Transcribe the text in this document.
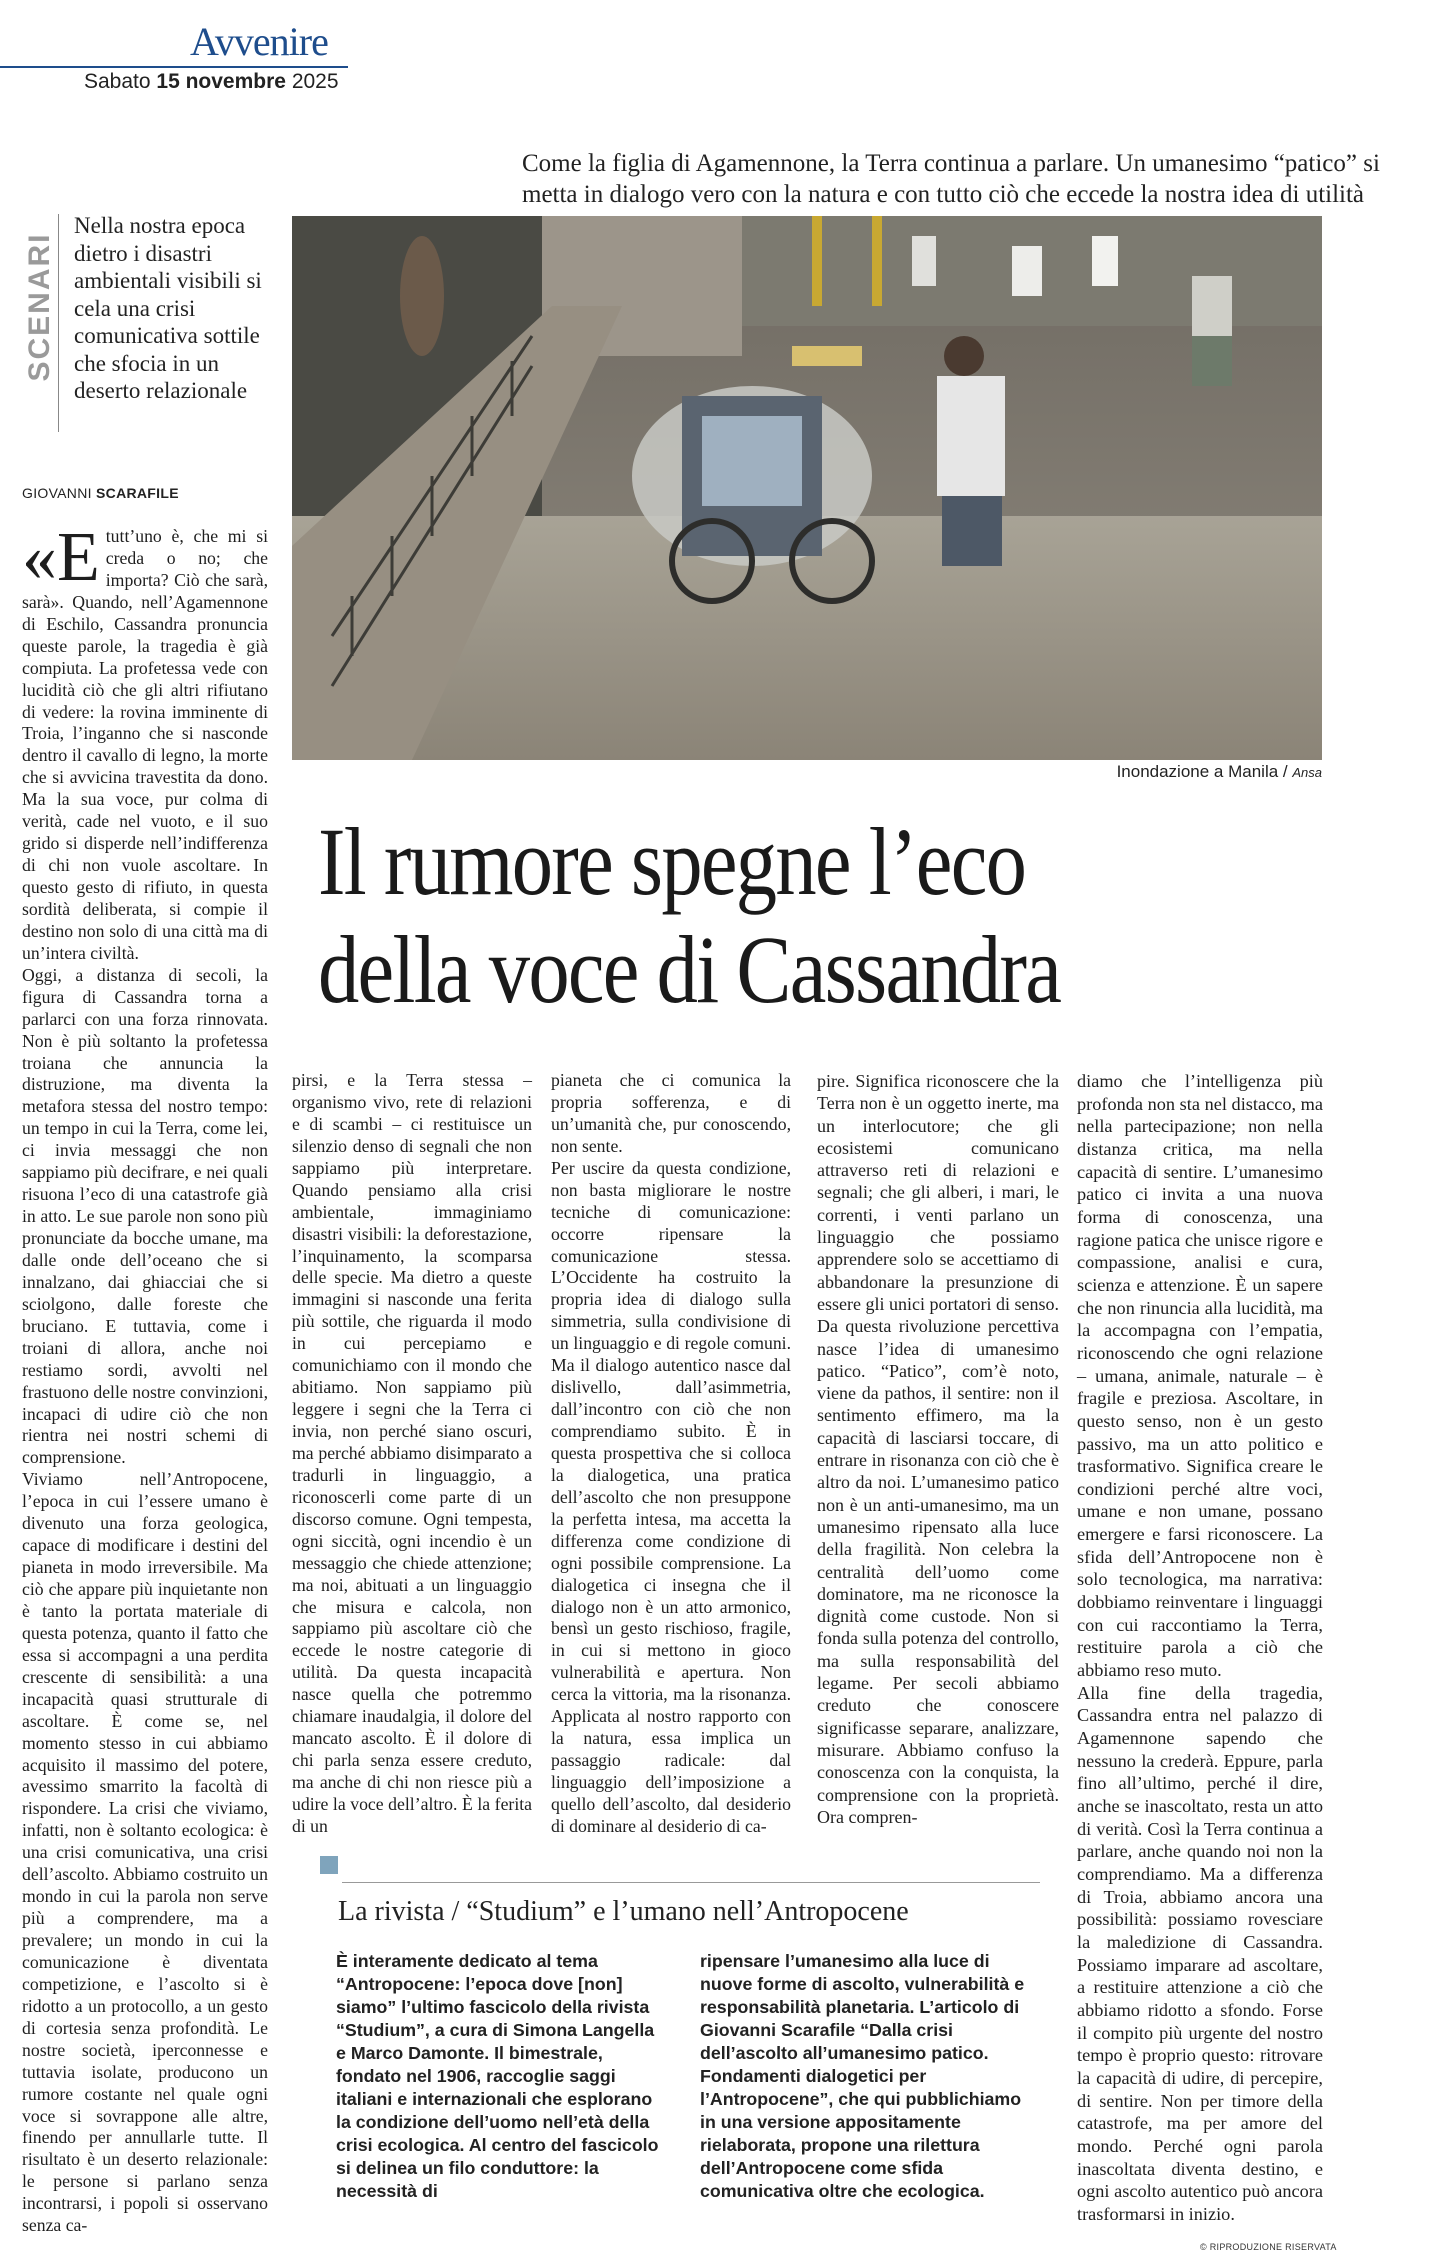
Avvenire
Sabato 15 novembre 2025
Come la figlia di Agamennone, la Terra continua a parlare. Un umanesimo “patico” si metta in dialogo vero con la natura e con tutto ciò che eccede la nostra idea di utilità
SCENARI
Nella nostra epoca dietro i disastri ambientali visibili si cela una crisi comunicativa sottile che sfocia in un deserto relazionale
Inondazione a Manila / Ansa
GIOVANNI SCARAFILE
Il rumore spegne l’eco
della voce di Cassandra

«Etutt’uno è, che mi si creda o no; che importa? Ciò che sarà, sarà». Quando, nell’Agamennone di Eschilo, Cassandra pronuncia queste parole, la tragedia è già compiuta. La profetessa vede con lucidità ciò che gli altri rifiutano di vedere: la rovina imminente di Troia, l’inganno che si nasconde dentro il cavallo di legno, la morte che si avvicina travestita da dono. Ma la sua voce, pur colma di verità, cade nel vuoto, e il suo grido si disperde nell’indifferenza di chi non vuole ascoltare. In questo gesto di rifiuto, in questa sordità deliberata, si compie il destino non solo di una città ma di un’intera civiltà.

Oggi, a distanza di secoli, la figura di Cassandra torna a parlarci con una forza rinnovata. Non è più soltanto la profetessa troiana che annuncia la distruzione, ma diventa la metafora stessa del nostro tempo: un tempo in cui la Terra, come lei, ci invia messaggi che non sappiamo più decifrare, e nei quali risuona l’eco di una catastrofe già in atto. Le sue parole non sono più pronunciate da bocche umane, ma dalle onde dell’oceano che si innalzano, dai ghiacciai che si sciolgono, dalle foreste che bruciano. E tuttavia, come i troiani di allora, anche noi restiamo sordi, avvolti nel frastuono delle nostre convinzioni, incapaci di udire ciò che non rientra nei nostri schemi di comprensione.

Viviamo nell’Antropocene, l’epoca in cui l’essere umano è divenuto una forza geologica, capace di modificare i destini del pianeta in modo irreversibile. Ma ciò che appare più inquietante non è tanto la portata materiale di questa potenza, quanto il fatto che essa si accompagni a una perdita crescente di sensibilità: a una incapacità quasi strutturale di ascoltare. È come se, nel momento stesso in cui abbiamo acquisito il massimo del potere, avessimo smarrito la facoltà di rispondere. La crisi che viviamo, infatti, non è soltanto ecologica: è una crisi comunicativa, una crisi dell’ascolto. Abbiamo costruito un mondo in cui la parola non serve più a comprendere, ma a prevalere; un mondo in cui la comunicazione è diventata competizione, e l’ascolto si è ridotto a un protocollo, a un gesto di cortesia senza profondità. Le nostre società, iperconnesse e tuttavia isolate, producono un rumore costante nel quale ogni voce si sovrappone alle altre, finendo per annullarle tutte. Il risultato è un deserto relazionale: le persone si parlano senza incontrarsi, i popoli si osservano senza ca-

pirsi, e la Terra stessa – organismo vivo, rete di relazioni e di scambi – ci restituisce un silenzio denso di segnali che non sappiamo più interpretare. Quando pensiamo alla crisi ambientale, immaginiamo disastri visibili: la deforestazione, l’inquinamento, la scomparsa delle specie. Ma dietro a queste immagini si nasconde una ferita più sottile, che riguarda il modo in cui percepiamo e comunichiamo con il mondo che abitiamo. Non sappiamo più leggere i segni che la Terra ci invia, non perché siano oscuri, ma perché abbiamo disimparato a tradurli in linguaggio, a riconoscerli come parte di un discorso comune. Ogni tempesta, ogni siccità, ogni incendio è un messaggio che chiede attenzione; ma noi, abituati a un linguaggio che misura e calcola, non sappiamo più ascoltare ciò che eccede le nostre categorie di utilità. Da questa incapacità nasce quella che potremmo chiamare inaudalgia, il dolore del mancato ascolto. È il dolore di chi parla senza essere creduto, ma anche di chi non riesce più a udire la voce dell’altro. È la ferita di un

pianeta che ci comunica la propria sofferenza, e di un’umanità che, pur conoscendo, non sente.

Per uscire da questa condizione, non basta migliorare le nostre tecniche di comunicazione: occorre ripensare la comunicazione stessa. L’Occidente ha costruito la propria idea di dialogo sulla simmetria, sulla condivisione di un linguaggio e di regole comuni. Ma il dialogo autentico nasce dal dislivello, dall’asimmetria, dall’incontro con ciò che non comprendiamo subito. È in questa prospettiva che si colloca la dialogetica, una pratica dell’ascolto che non presuppone la perfetta intesa, ma accetta la differenza come condizione di ogni possibile comprensione. La dialogetica ci insegna che il dialogo non è un atto armonico, bensì un gesto rischioso, fragile, in cui si mettono in gioco vulnerabilità e apertura. Non cerca la vittoria, ma la risonanza. Applicata al nostro rapporto con la natura, essa implica un passaggio radicale: dal linguaggio dell’imposizione a quello dell’ascolto, dal desiderio di dominare al desiderio di ca-

pire. Significa riconoscere che la Terra non è un oggetto inerte, ma un interlocutore; che gli ecosistemi comunicano attraverso reti di relazioni e segnali; che gli alberi, i mari, le correnti, i venti parlano un linguaggio che possiamo apprendere solo se accettiamo di abbandonare la presunzione di essere gli unici portatori di senso.

Da questa rivoluzione percettiva nasce l’idea di umanesimo patico. “Patico”, com’è noto, viene da pathos, il sentire: non il sentimento effimero, ma la capacità di lasciarsi toccare, di entrare in risonanza con ciò che è altro da noi. L’umanesimo patico non è un anti-umanesimo, ma un umanesimo ripensato alla luce della fragilità. Non celebra la centralità dell’uomo come dominatore, ma ne riconosce la dignità come custode. Non si fonda sulla potenza del controllo, ma sulla responsabilità del legame. Per secoli abbiamo creduto che conoscere significasse separare, analizzare, misurare. Abbiamo confuso la conoscenza con la conquista, la comprensione con la proprietà. Ora compren-

diamo che l’intelligenza più profonda non sta nel distacco, ma nella partecipazione; non nella distanza critica, ma nella capacità di sentire. L’umanesimo patico ci invita a una nuova forma di conoscenza, una ragione patica che unisce rigore e compassione, analisi e cura, scienza e attenzione. È un sapere che non rinuncia alla lucidità, ma la accompagna con l’empatia, riconoscendo che ogni relazione – umana, animale, naturale – è fragile e preziosa. Ascoltare, in questo senso, non è un gesto passivo, ma un atto politico e trasformativo. Significa creare le condizioni perché altre voci, umane e non umane, possano emergere e farsi riconoscere. La sfida dell’Antropocene non è solo tecnologica, ma narrativa: dobbiamo reinventare i linguaggi con cui raccontiamo la Terra, restituire parola a ciò che abbiamo reso muto.

Alla fine della tragedia, Cassandra entra nel palazzo di Agamennone sapendo che nessuno la crederà. Eppure, parla fino all’ultimo, perché il dire, anche se inascoltato, resta un atto di verità. Così la Terra continua a parlare, anche quando noi non la comprendiamo. Ma a differenza di Troia, abbiamo ancora una possibilità: possiamo rovesciare la maledizione di Cassandra. Possiamo imparare ad ascoltare, a restituire attenzione a ciò che abbiamo ridotto a sfondo. Forse il compito più urgente del nostro tempo è proprio questo: ritrovare la capacità di udire, di percepire, di sentire. Non per timore della catastrofe, ma per amore del mondo. Perché ogni parola inascoltata diventa destino, e ogni ascolto autentico può ancora trasformarsi in inizio.

La rivista / “Studium” e l’umano nell’Antropocene
È interamente dedicato al tema “Antropocene: l’epoca dove [non] siamo” l’ultimo fascicolo della rivista “Studium”, a cura di Simona Langella e Marco Damonte. Il bimestrale, fondato nel 1906, raccoglie saggi italiani e internazionali che esplorano la condizione dell’uomo nell’età della crisi ecologica. Al centro del fascicolo si delinea un filo conduttore: la necessità di
ripensare l’umanesimo alla luce di nuove forme di ascolto, vulnerabilità e responsabilità planetaria. L’articolo di Giovanni Scarafile “Dalla crisi dell’ascolto all’umanesimo patico. Fondamenti dialogetici per l’Antropocene”, che qui pubblichiamo in una versione appositamente rielaborata, propone una rilettura dell’Antropocene come sfida comunicativa oltre che ecologica.
© RIPRODUZIONE RISERVATA
